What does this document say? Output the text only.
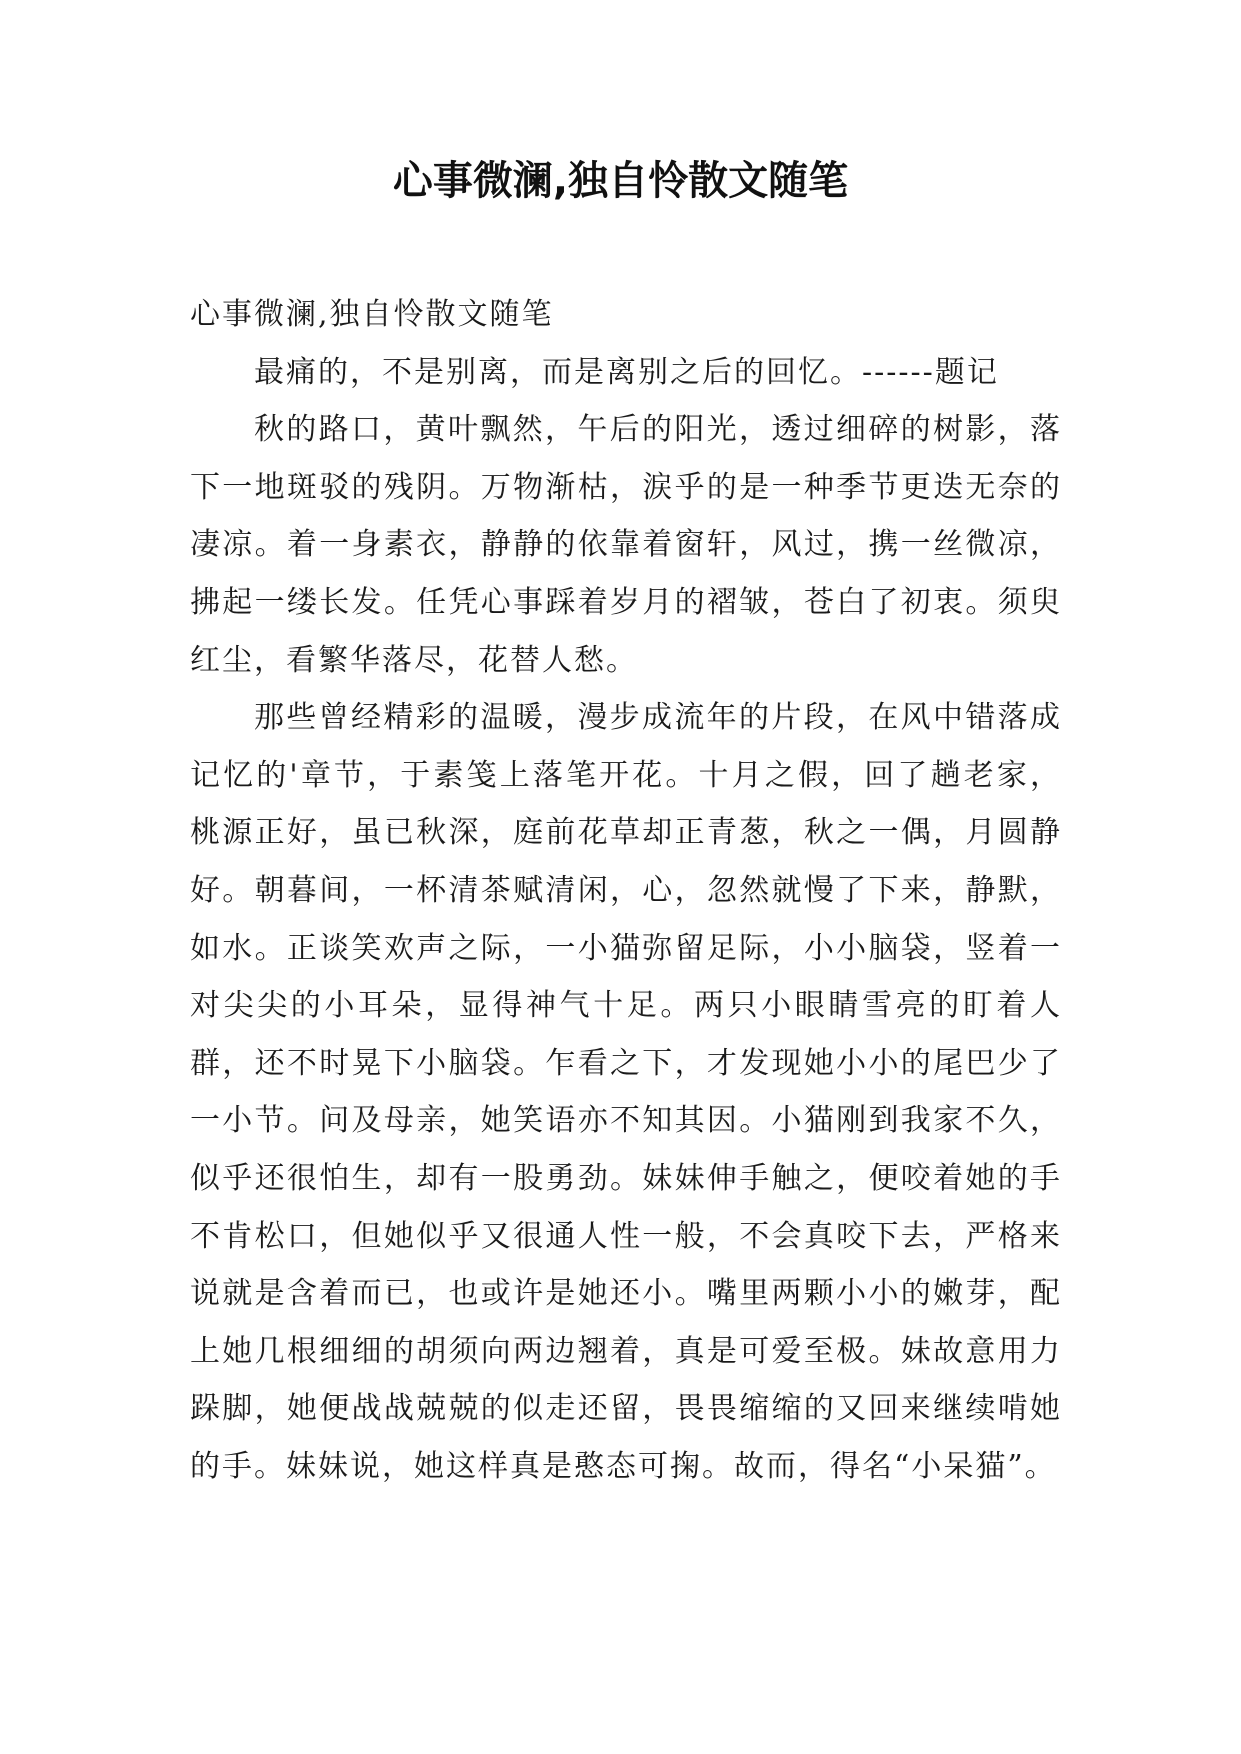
心事微澜,独自怜散文随笔

心事微澜,独自怜散文随笔

最痛的，不是别离，而是离别之后的回忆。------题记

秋的路口，黄叶飘然，午后的阳光，透过细碎的树影，落下一地斑驳的残阴。万物渐枯，涙乎的是一种季节更迭无奈的凄凉。着一身素衣，静静的依靠着窗轩，风过，携一丝微凉，拂起一缕长发。任凭心事踩着岁月的褶皱，苍白了初衷。须臾红尘，看繁华落尽，花替人愁。

那些曾经精彩的温暖，漫步成流年的片段，在风中错落成记忆的'章节，于素笺上落笔开花。十月之假，回了趟老家，桃源正好，虽已秋深，庭前花草却正青葱，秋之一偶，月圆静好。朝暮间，一杯清茶赋清闲，心，忽然就慢了下来，静默，如水。正谈笑欢声之际，一小猫弥留足际，小小脑袋，竖着一对尖尖的小耳朵，显得神气十足。两只小眼睛雪亮的盯着人群，还不时晃下小脑袋。乍看之下，才发现她小小的尾巴少了一小节。问及母亲，她笑语亦不知其因。小猫刚到我家不久，似乎还很怕生，却有一股勇劲。妹妹伸手触之，便咬着她的手不肯松口，但她似乎又很通人性一般，不会真咬下去，严格来说就是含着而已，也或许是她还小。嘴里两颗小小的嫩芽，配上她几根细细的胡须向两边翘着，真是可爱至极。妹故意用力跺脚，她便战战兢兢的似走还留，畏畏缩缩的又回来继续啃她的手。妹妹说，她这样真是憨态可掬。故而，得名“小呆猫”。
